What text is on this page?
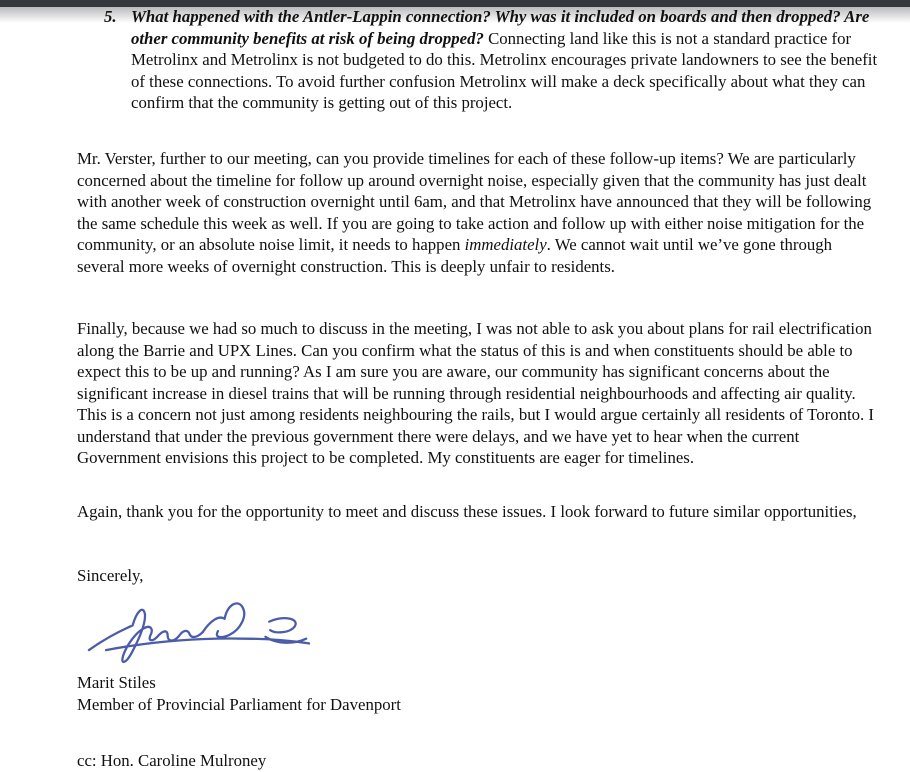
5. What happened with the Antler-Lappin connection? Why was it included on boards and then dropped? Are other community benefits at risk of being dropped? Connecting land like this is not a standard practice for Metrolinx and Metrolinx is not budgeted to do this. Metrolinx encourages private landowners to see the benefit of these connections. To avoid further confusion Metrolinx will make a deck specifically about what they can confirm that the community is getting out of this project.
Mr. Verster, further to our meeting, can you provide timelines for each of these follow-up items? We are particularly concerned about the timeline for follow up around overnight noise, especially given that the community has just dealt with another week of construction overnight until 6am, and that Metrolinx have announced that they will be following the same schedule this week as well. If you are going to take action and follow up with either noise mitigation for the community, or an absolute noise limit, it needs to happen immediately. We cannot wait until we’ve gone through several more weeks of overnight construction. This is deeply unfair to residents.
Finally, because we had so much to discuss in the meeting, I was not able to ask you about plans for rail electrification along the Barrie and UPX Lines. Can you confirm what the status of this is and when constituents should be able to expect this to be up and running? As I am sure you are aware, our community has significant concerns about the significant increase in diesel trains that will be running through residential neighbourhoods and affecting air quality. This is a concern not just among residents neighbouring the rails, but I would argue certainly all residents of Toronto. I understand that under the previous government there were delays, and we have yet to hear when the current Government envisions this project to be completed. My constituents are eager for timelines.
Again, thank you for the opportunity to meet and discuss these issues. I look forward to future similar opportunities,
Sincerely,
Marit Stiles
Member of Provincial Parliament for Davenport
cc: Hon. Caroline Mulroney
